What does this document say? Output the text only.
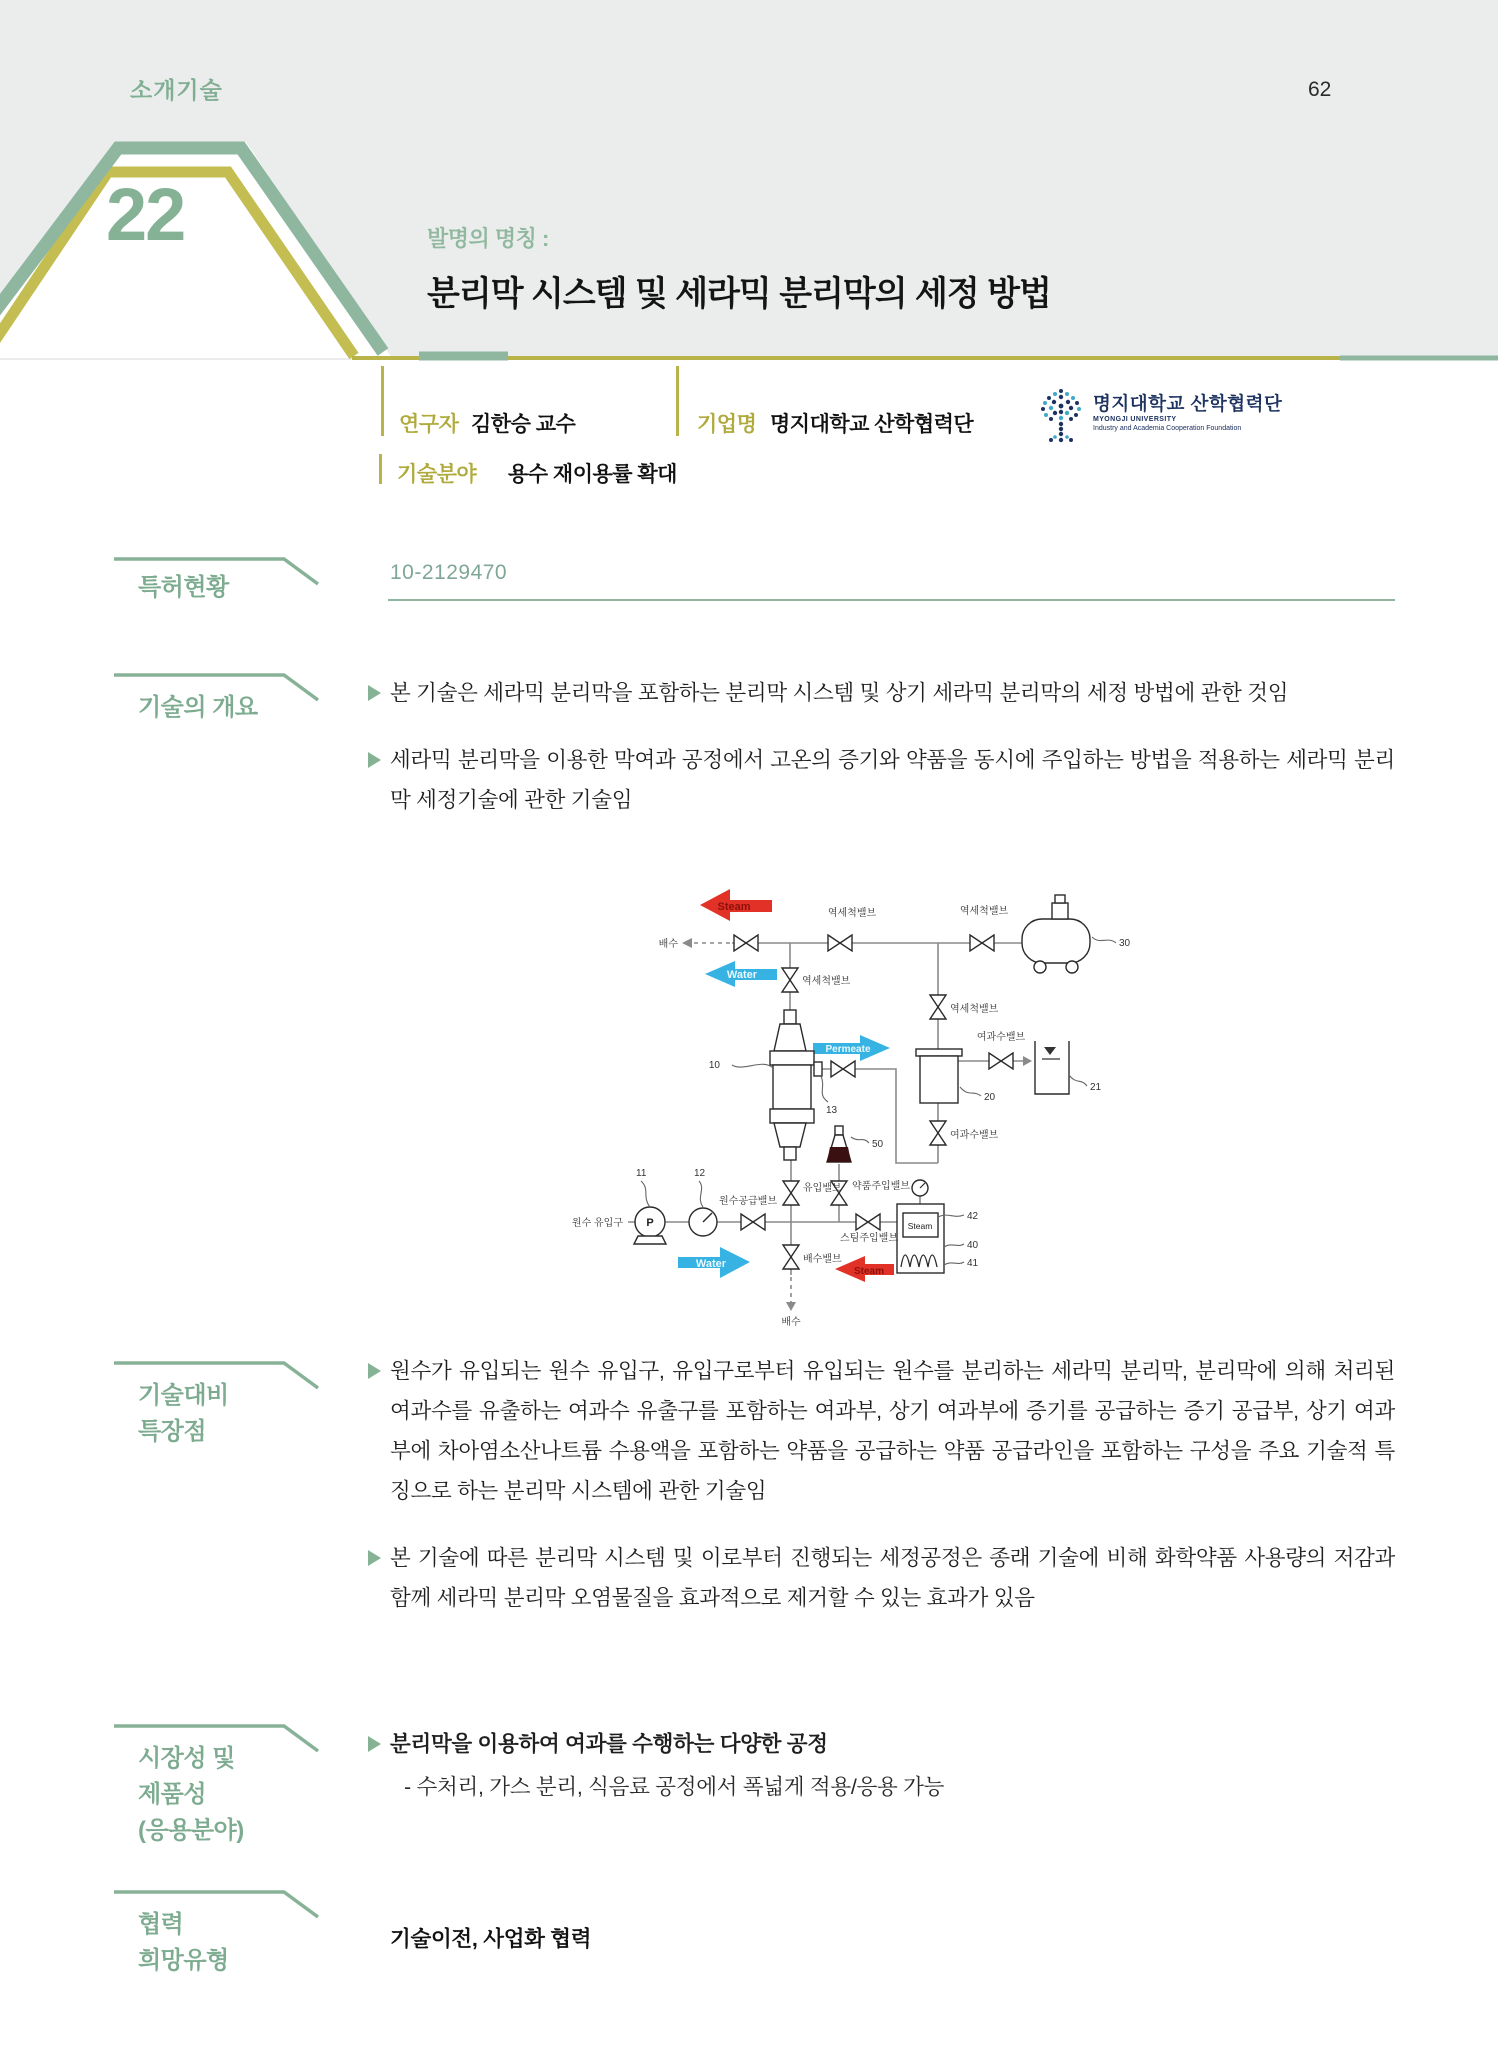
소개기술	62
22	발명의 명칭 :
분리막 시스템 및 세라믹 분리막의 세정 방법
연구자 김한승 교수	기업명 명지대학교 산학협력단
기술분야 용수 재이용률 확대
명지대학교 산학협력단
MYONGJI UNIVERSITY
Industry and Academia Cooperation Foundation
특허현황
10-2129470
기술의 개요

본 기술은 세라믹 분리막을 포함하는 분리막 시스템 및 상기 세라믹 분리막의 세정 방법에 관한 것임

세라믹 분리막을 이용한 막여과 공정에서 고온의 증기와 약품을 동시에 주입하는 방법을 적용하는 세라믹 분리막 세정기술에 관한 기술임

Steam
Water
Permeate
Water
Steam
P	Steam
배수
역세척밸브	역세척밸브
역세척밸브
역세척밸브
여과수밸브
여과수밸브
원수 유입구
원수공급밸브
유입밸브 약품주입밸브
스팀주입밸브
배수밸브
배수
10
11	12
13
20
21
30
40
41
42
50
기술대비
특장점

원수가 유입되는 원수 유입구, 유입구로부터 유입되는 원수를 분리하는 세라믹 분리막, 분리막에 의해 처리된 여과수를 유출하는 여과수 유출구를 포함하는 여과부, 상기 여과부에 증기를 공급하는 증기 공급부, 상기 여과부에 차아염소산나트륨 수용액을 포함하는 약품을 공급하는 약품 공급라인을 포함하는 구성을 주요 기술적 특징으로 하는 분리막 시스템에 관한 기술임

본 기술에 따른 분리막 시스템 및 이로부터 진행되는 세정공정은 종래 기술에 비해 화학약품 사용량의 저감과 함께 세라믹 분리막 오염물질을 효과적으로 제거할 수 있는 효과가 있음

시장성 및
제품성
(응용분야)

분리막을 이용하여 여과를 수행하는 다양한 공정

- 수처리, 가스 분리, 식음료 공정에서 폭넓게 적용/응용 가능
협력
희망유형
기술이전, 사업화 협력
